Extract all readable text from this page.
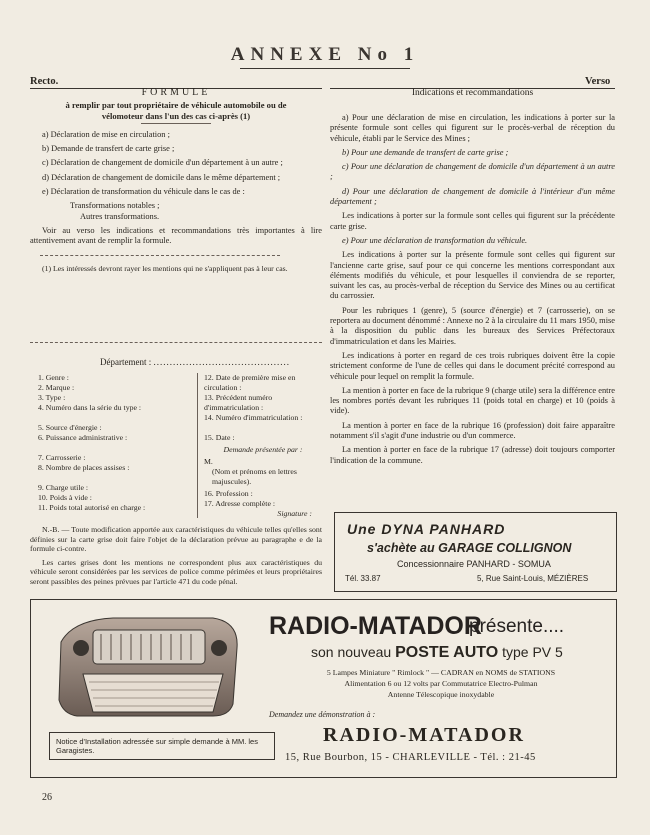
ANNEXE No 1
Recto.	Verso
FORMULE
à remplir par tout propriétaire de véhicule automobile ou de vélomoteur dans l'un des cas ci-après (1)

a) Déclaration de mise en circulation ;

b) Demande de transfert de carte grise ;

c) Déclaration de changement de domicile d'un département à un autre ;

d) Déclaration de changement de domicile dans le même département ;

e) Déclaration de transformation du véhicule dans le cas de :

Transformations notables ;

Autres transformations.

Voir au verso les indications et recommandations très importantes à lire attentivement avant de remplir la formule.

(1) Les intéressés devront rayer les mentions qui ne s'appliquent pas à leur cas.

Département : ..........................................
1. Genre :
2. Marque :
3. Type :
4. Numéro dans la série du type :
5. Source d'énergie :
6. Puissance administrative :
7. Carrosserie :
8. Nombre de places assises :
9. Charge utile :
10. Poids à vide :
11. Poids total autorisé en charge :
12. Date de première mise en circulation :
13. Précédent numéro d'immatriculation :
14. Numéro d'immatriculation :
15. Date :
Demande présentée par :
M.
(Nom et prénoms en lettres majuscules).
16. Profession :
17. Adresse complète :
Signature :

N.-B. — Toute modification apportée aux caractéristiques du véhicule telles qu'elles sont définies sur la carte grise doit faire l'objet de la déclaration prévue au paragraphe e de la formule ci-contre.

Les cartes grises dont les mentions ne correspondent plus aux caractéristiques du véhicule seront considérées par les services de police comme périmées et leurs propriétaires seront passibles des peines prévues par l'article 471 du code pénal.

Indications et recommandations

a) Pour une déclaration de mise en circulation, les indications à porter sur la présente formule sont celles qui figurent sur le procès-verbal de réception du véhicule, établi par le Service des Mines ;

b) Pour une demande de transfert de carte grise ;

c) Pour une déclaration de changement de domicile d'un département à un autre ;

d) Pour une déclaration de changement de domicile à l'intérieur d'un même département ;

Les indications à porter sur la formule sont celles qui figurent sur la précédente carte grise.

e) Pour une déclaration de transformation du véhicule.

Les indications à porter sur la présente formule sont celles qui figurent sur l'ancienne carte grise, sauf pour ce qui concerne les mentions correspondant aux éléments modifiés du véhicule, et pour lesquelles il conviendra de se reporter, suivant les cas, au procès-verbal de réception du Service des Mines ou au certificat du carrossier.

Pour les rubriques 1 (genre), 5 (source d'énergie) et 7 (carrosserie), on se reportera au document dénommé : Annexe no 2 à la circulaire du 11 mars 1950, mise à la disposition du public dans les bureaux des Services Préfectoraux d'immatriculation et dans les Mairies.

Les indications à porter en regard de ces trois rubriques doivent être la copie strictement conforme de l'une de celles qui dans le document précité correspond au véhicule pour lequel on remplit la formule.

La mention à porter en face de la rubrique 9 (charge utile) sera la différence entre les nombres portés devant les rubriques 11 (poids total en charge) et 10 (poids à vide).

La mention à porter en face de la rubrique 16 (profession) doit faire apparaître notamment s'il s'agit d'une industrie ou d'un commerce.

La mention à porter en face de la rubrique 17 (adresse) doit toujours comporter l'indication de la commune.

Une DYNA PANHARD
s'achète au GARAGE COLLIGNON
Concessionnaire PANHARD - SOMUA
Tél. 33.87	5, Rue Saint-Louis, MÉZIÈRES
Notice d'Installation adressée sur simple demande à MM. les Garagistes.
RADIO-MATADOR
présente....
son nouveau POSTE AUTO type PV 5
5 Lampes Miniature " Rimlock " — CADRAN en NOMS de STATIONS
Alimentation 6 ou 12 volts par Commutatrice Electro-Pulman
Antenne Télescopique inoxydable
Demandez une démonstration à :
RADIO-MATADOR
15, Rue Bourbon, 15 - CHARLEVILLE - Tél. : 21-45
26
